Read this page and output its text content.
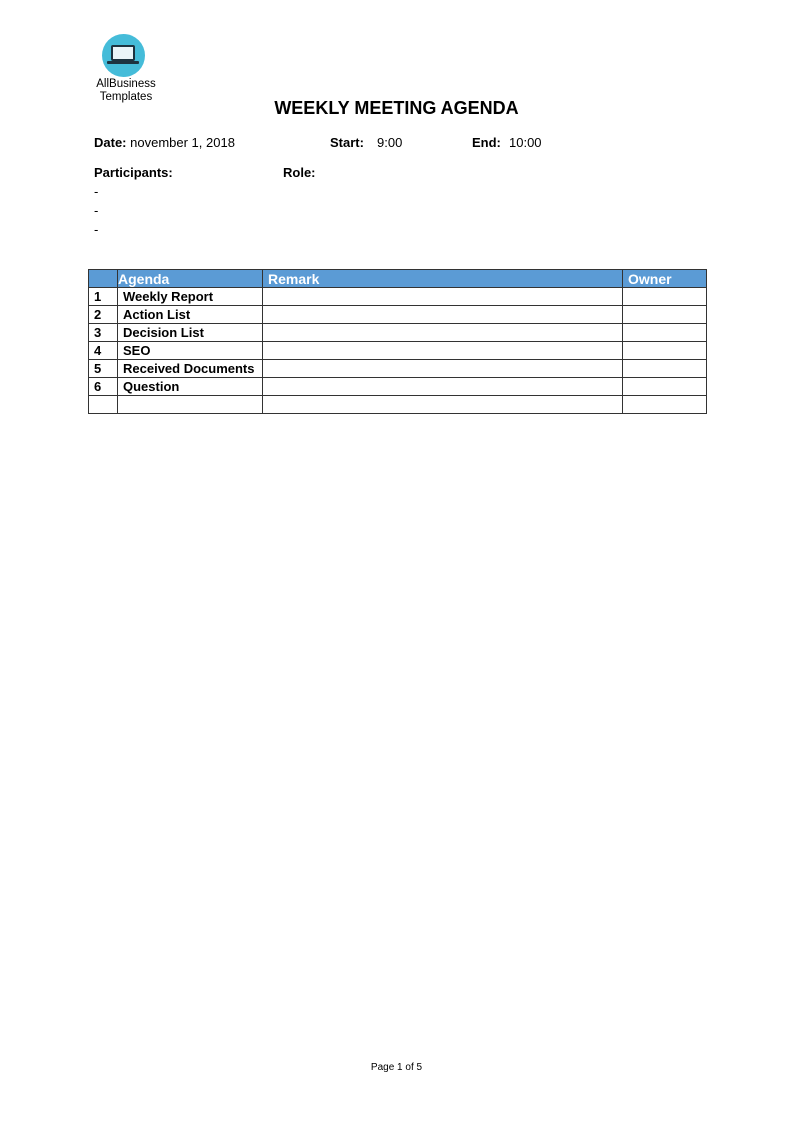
AllBusiness
Templates
WEEKLY MEETING AGENDA
Date: november 1, 2018	Start: 9:00	End: 10:00
Participants:	Role:
-
-
-
	Agenda	Remark	Owner
1	Weekly Report		
2	Action List		
3	Decision List		
4	SEO		
5	Received Documents		
6	Question		

Page 1 of 5
